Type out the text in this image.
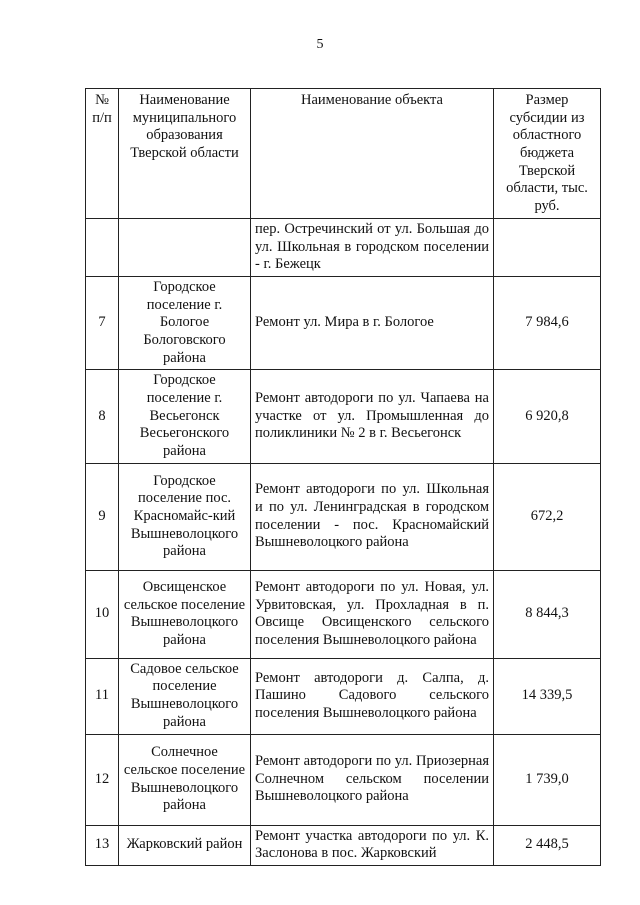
5
№ п/п	Наименование муниципального образования Тверской области	Наименование объекта	Размер субсидии из областного бюджета Тверской области, тыс. руб.
		пер. Остречинский от ул. Большая до ул. Школьная в городском поселении - г. Бежецк	
7	Городское поселение г. Бологое Бологовского района	Ремонт ул. Мира в г. Бологое	7 984,6
8	Городское поселение г. Весьегонск Весьегонского района	Ремонт автодороги по ул. Чапаева на участке от ул. Промышленная до поликлиники № 2 в г. Весьегонск	6 920,8
9	Городское поселение пос. Красномайс-кий Вышневолоцкого района	Ремонт автодороги по ул. Школьная и по ул. Ленинградская в городском поселении - пос. Красномайский Вышневолоцкого района	672,2
10	Овсищенское сельское поселение Вышневолоцкого района	Ремонт автодороги по ул. Новая, ул. Урвитовская, ул. Прохладная в п. Овсище Овсищенского сельского поселения Вышневолоцкого района	8 844,3
11	Садовое сельское поселение Вышневолоцкого района	Ремонт автодороги д. Салпа, д. Пашино Садового сельского поселения Вышневолоцкого района	14 339,5
12	Солнечное сельское поселение Вышневолоцкого района	Ремонт автодороги по ул. Приозерная Солнечном сельском поселении Вышневолоцкого района	1 739,0
13	Жарковский район	Ремонт участка автодороги по ул. К. Заслонова в пос. Жарковский	2 448,5
